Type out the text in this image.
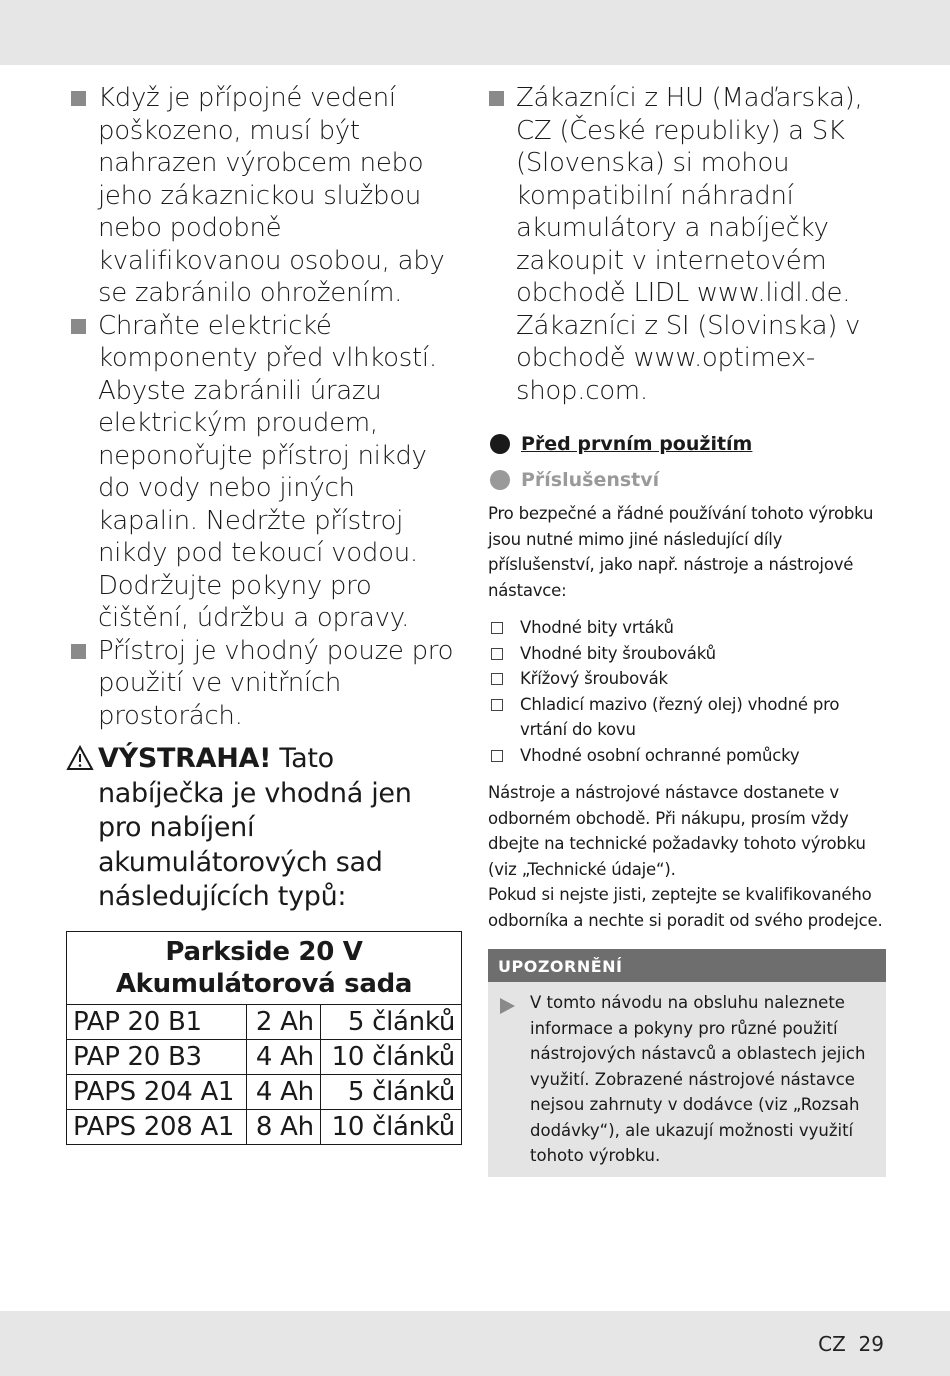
Když je přípojné vedení poškozeno, musí být nahrazen výrobcem nebo jeho zákaznickou službou nebo podobně kvalifikovanou osobou, aby se zabránilo ohrožením.
Chraňte elektrické komponenty před vlhkostí. Abyste zabránili úrazu elektrickým proudem, neponořujte přístroj nikdy do vody nebo jiných kapalin. Nedržte přístroj nikdy pod tekoucí vodou. Dodržujte pokyny pro čištění, údržbu a opravy.
Přístroj je vhodný pouze pro použití ve vnitřních prostorách.
VÝSTRAHA! Tato nabíječka je vhodná jen pro nabíjení akumulátorových sad následujících typů:
Parkside 20 V
Akumulátorová sada		

PAP 20 B1	2 Ah	5 článků
PAP 20 B3	4 Ah	10 článků
PAPS 204 A1	4 Ah	5 článků
PAPS 208 A1	8 Ah	10 článků
Zákazníci z HU (Maďarska), CZ (České republiky) a SK (Slovenska) si mohou kompatibilní náhradní akumulátory a nabíječky zakoupit v internetovém obchodě LIDL www.lidl.de. Zákazníci z SI (Slovinska) v obchodě www.optimex-shop.com.
Před prvním použitím
Příslušenství
Pro bezpečné a řádné používání tohoto výrobku jsou nutné mimo jiné následující díly příslušenství, jako např. nástroje a nástrojové nástavce:
Vhodné bity vrtáků
Vhodné bity šroubováků
Křížový šroubovák
Chladicí mazivo (řezný olej) vhodné pro vrtání do kovu
Vhodné osobní ochranné pomůcky
Nástroje a nástrojové nástavce dostanete v odborném obchodě. Při nákupu, prosím vždy dbejte na technické požadavky tohoto výrobku (viz „Technické údaje“).
Pokud si nejste jisti, zeptejte se kvalifikovaného odborníka a nechte si poradit od svého prodejce.
UPOZORNĚNÍ
V tomto návodu na obsluhu naleznete informace a pokyny pro různé použití nástrojových nástavců a oblastech jejich využití. Zobrazené nástrojové nástavce nejsou zahrnuty v dodávce (viz „Rozsah dodávky“), ale ukazují možnosti využití tohoto výrobku.
CZ 29
